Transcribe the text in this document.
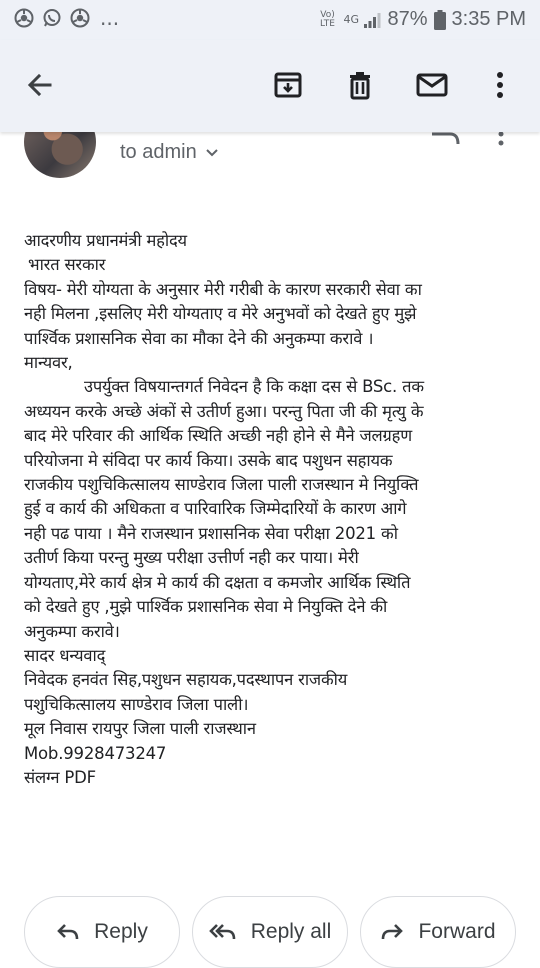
...	Vo) LTE 4G 87% 3:35 PM
to admin
आदरणीय प्रधानमंत्री महोदय
भारत सरकार
विषय- मेरी योग्यता के अनुसार मेरी गरीबी के कारण सरकारी सेवा का
नही मिलना ,इसलिए मेरी योग्यताए व मेरे अनुभवों को देखते हुए मुझे
पार्श्विक प्रशासनिक सेवा का मौका देने की अनुकम्पा करावे ।
मान्यवर,
उपर्युक्त विषयान्तगर्त निवेदन है कि कक्षा दस से BSc. तक
अध्ययन करके अच्छे अंकों से उतीर्ण हुआ। परन्तु पिता जी की मृत्यु के
बाद मेरे परिवार की आर्थिक स्थिति अच्छी नही होने से मैने जलग्रहण
परियोजना मे संविदा पर कार्य किया। उसके बाद पशुधन सहायक
राजकीय पशुचिकित्सालय साण्डेराव जिला पाली राजस्थान मे नियुक्ति
हुई व कार्य की अधिकता व पारिवारिक जिम्मेदारियों के कारण आगे
नही पढ पाया । मैने राजस्थान प्रशासनिक सेवा परीक्षा 2021 को
उतीर्ण किया परन्तु मुख्य परीक्षा उत्तीर्ण नही कर पाया। मेरी
योग्यताए,मेरे कार्य क्षेत्र मे कार्य की दक्षता व कमजोर आर्थिक स्थिति
को देखते हुए ,मुझे पार्श्विक प्रशासनिक सेवा मे नियुक्ति देने की
अनुकम्पा करावे।
सादर धन्यवाद्
निवेदक हनवंत सिह,पशुधन सहायक,पदस्थापन राजकीय
पशुचिकित्सालय साण्डेराव जिला पाली।
मूल निवास रायपुर जिला पाली राजस्थान
Mob.9928473247
संलग्न PDF
Reply	Reply all	Forward
